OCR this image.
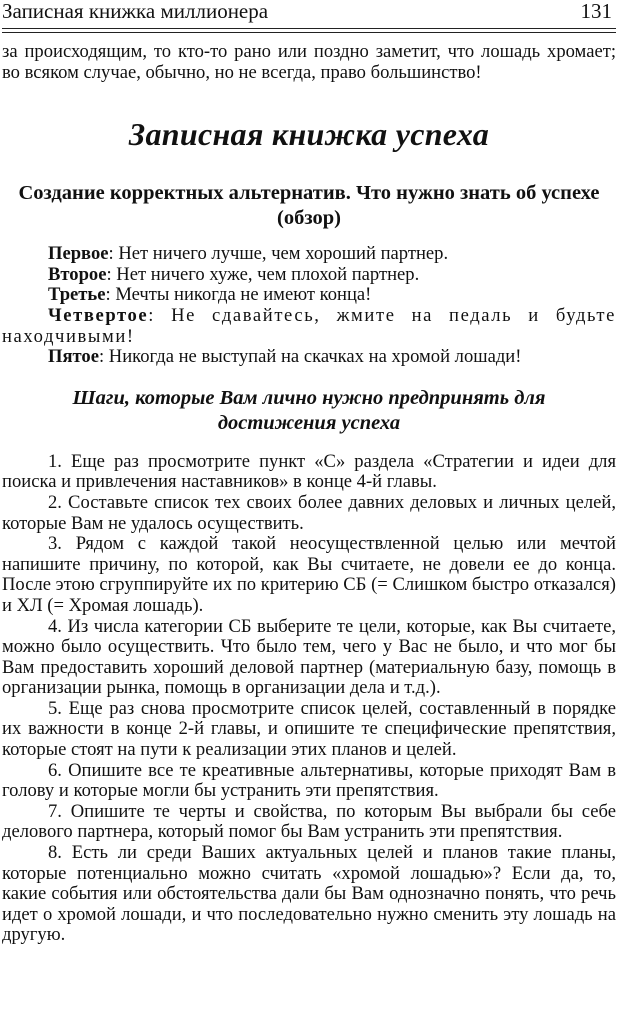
Записная книжка миллионера	131

за происходящим, то кто-то рано или поздно заметит, что лошадь хромает; во всяком случае, обычно, но не всегда, право большинство!

Записная книжка успеха
Создание корректных альтернатив. Что нужно знать об успехе (обзор)

Первое: Нет ничего лучше, чем хороший партнер.

Второе: Нет ничего хуже, чем плохой партнер.

Третье: Мечты никогда не имеют конца!

Четвертое: Не сдавайтесь, жмите на педаль и будьте находчивыми!

Пятое: Никогда не выступай на скачках на хромой лошади!

Шаги, которые Вам лично нужно предпринять для достижения успеха

1. Еще раз просмотрите пункт «С» раздела «Стратегии и идеи для поиска и привлечения наставников» в конце 4-й главы.

2. Составьте список тех своих более давних деловых и личных целей, которые Вам не удалось осуществить.

3. Рядом с каждой такой неосуществленной целью или мечтой напишите причину, по которой, как Вы считаете, не довели ее до конца. После этою сгруппируйте их по критерию СБ (= Слишком быстро отказался) и ХЛ (= Хромая лошадь).

4. Из числа категории СБ выберите те цели, которые, как Вы считаете, можно было осуществить. Что было тем, чего у Вас не было, и что мог бы Вам предоставить хороший деловой партнер (материальную базу, помощь в организации рынка, помощь в организации дела и т.д.).

5. Еще раз снова просмотрите список целей, составленный в порядке их важности в конце 2-й главы, и опишите те специфические препятствия, которые стоят на пути к реализации этих планов и целей.

6. Опишите все те креативные альтернативы, которые приходят Вам в голову и которые могли бы устранить эти препятствия.

7. Опишите те черты и свойства, по которым Вы выбрали бы себе делового партнера, который помог бы Вам устранить эти препятствия.

8. Есть ли среди Ваших актуальных целей и планов такие планы, которые потенциально можно считать «хромой лошадью»? Если да, то, какие события или обстоятельства дали бы Вам однозначно понять, что речь идет о хромой лошади, и что последовательно нужно сменить эту лошадь на другую.
